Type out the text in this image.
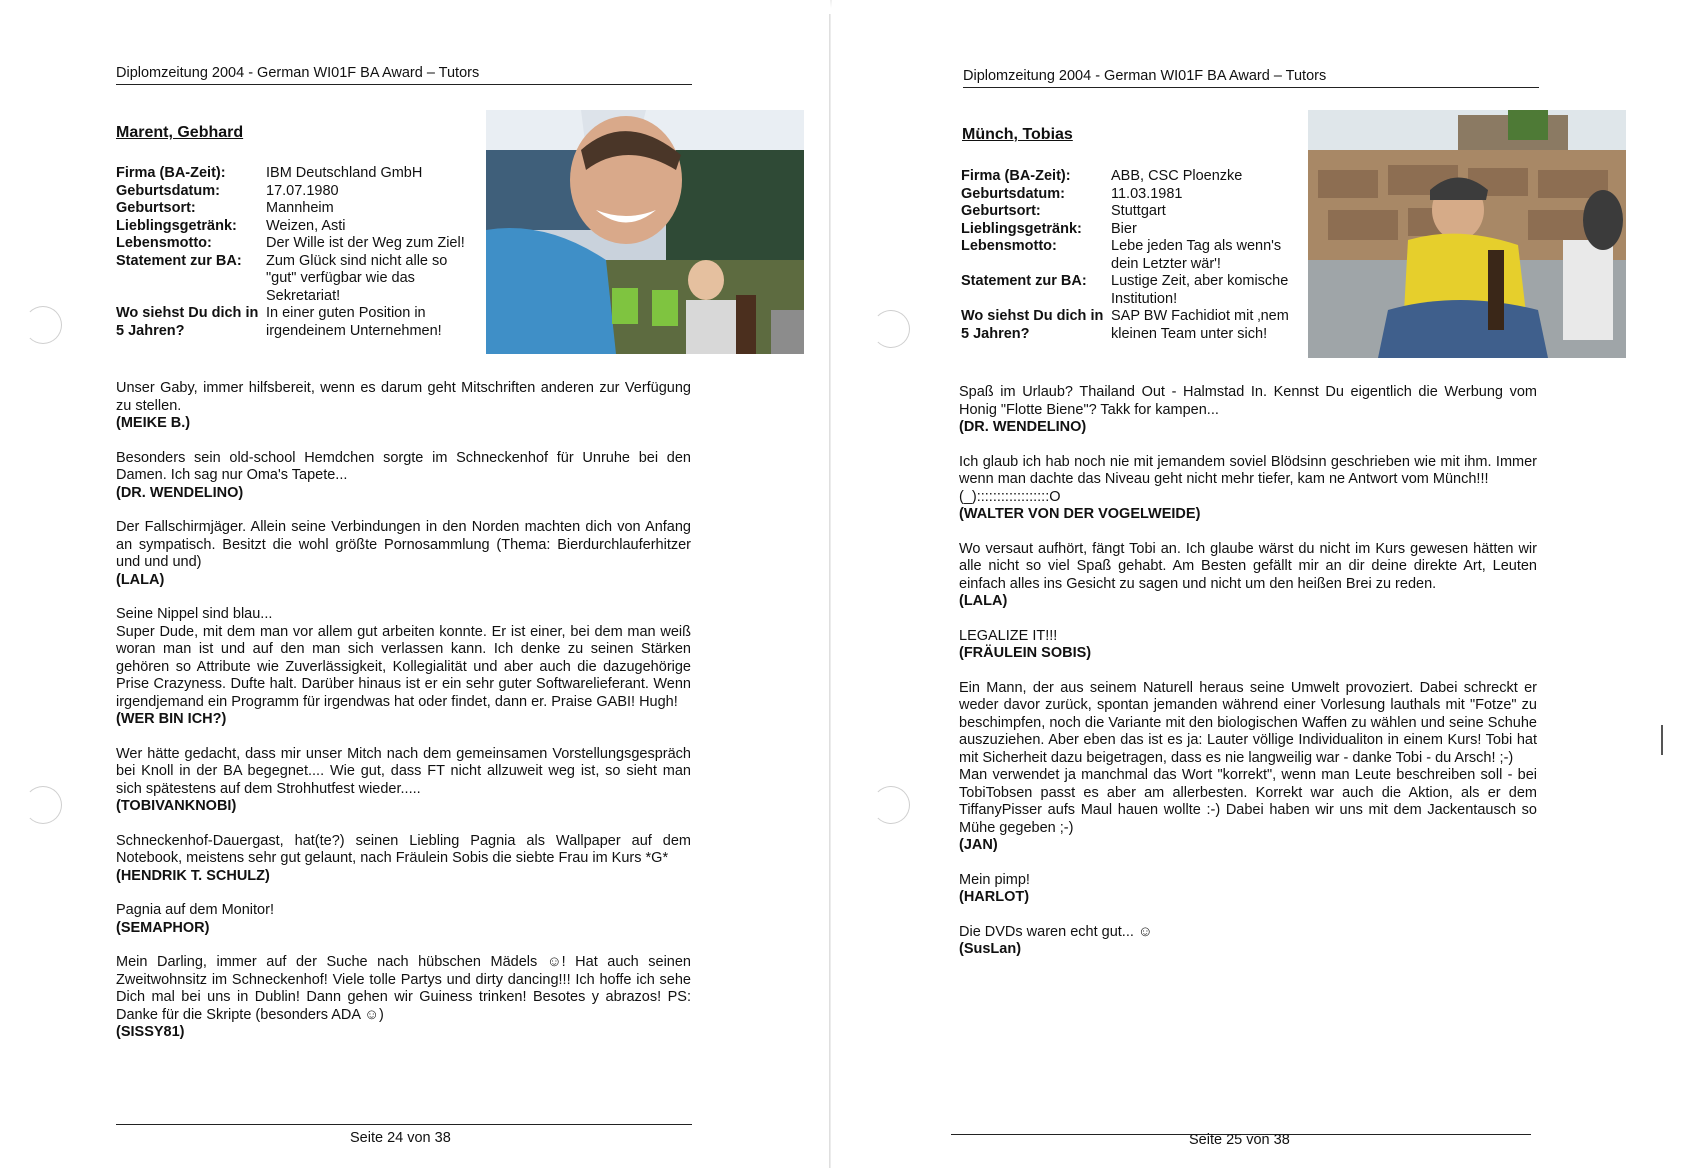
Diplomzeitung 2004 - German WI01F BA Award – Tutors
Marent, Gebhard
Firma (BA-Zeit):	IBM Deutschland GmbH
Geburtsdatum:	17.07.1980
Geburtsort:	Mannheim
Lieblingsgetränk:	Weizen, Asti
Lebensmotto:	Der Wille ist der Weg zum Ziel!
Statement zur BA:	Zum Glück sind nicht alle so "gut" verfügbar wie das Sekretariat!
Wo siehst Du dich in 5 Jahren?
In einer guten Position in irgendeinem Unternehmen!
Unser Gaby, immer hilfsbereit, wenn es darum geht Mitschriften anderen zur Verfügung zu stellen.
(MEIKE B.)
Besonders sein old-school Hemdchen sorgte im Schneckenhof für Unruhe bei den Damen. Ich sag nur Oma's Tapete...
(DR. WENDELINO)
Der Fallschirmjäger. Allein seine Verbindungen in den Norden machten dich von Anfang an sympatisch. Besitzt die wohl größte Pornosammlung (Thema: Bierdurchlauferhitzer und und und)
(LALA)
Seine Nippel sind blau...
Super Dude, mit dem man vor allem gut arbeiten konnte. Er ist einer, bei dem man weiß woran man ist und auf den man sich verlassen kann. Ich denke zu seinen Stärken gehören so Attribute wie Zuverlässigkeit, Kollegialität und aber auch die dazugehörige Prise Crazyness. Dufte halt. Darüber hinaus ist er ein sehr guter Softwarelieferant. Wenn irgendjemand ein Programm für irgendwas hat oder findet, dann er. Praise GABI! Hugh!
(WER BIN ICH?)
Wer hätte gedacht, dass mir unser Mitch nach dem gemeinsamen Vorstellungsgespräch bei Knoll in der BA begegnet.... Wie gut, dass FT nicht allzuweit weg ist, so sieht man sich spätestens auf dem Strohhutfest wieder.....
(TOBIVANKNOBI)
Schneckenhof-Dauergast, hat(te?) seinen Liebling Pagnia als Wallpaper auf dem Notebook, meistens sehr gut gelaunt, nach Fräulein Sobis die siebte Frau im Kurs *G*
(HENDRIK T. SCHULZ)
Pagnia auf dem Monitor!
(SEMAPHOR)
Mein Darling, immer auf der Suche nach hübschen Mädels ☺! Hat auch seinen Zweitwohnsitz im Schneckenhof! Viele tolle Partys und dirty dancing!!! Ich hoffe ich sehe Dich mal bei uns in Dublin! Dann gehen wir Guiness trinken! Besotes y abrazos! PS: Danke für die Skripte (besonders ADA ☺)
(SISSY81)
Seite 24 von 38
Diplomzeitung 2004 - German WI01F BA Award – Tutors
Münch, Tobias
Firma (BA-Zeit):	ABB, CSC Ploenzke
Geburtsdatum:	11.03.1981
Geburtsort:	Stuttgart
Lieblingsgetränk:	Bier
Lebensmotto:	Lebe jeden Tag als wenn's dein Letzter wär'!
Statement zur BA:	Lustige Zeit, aber komische Institution!
Wo siehst Du dich in 5 Jahren?
SAP BW Fachidiot mit ‚nem kleinen Team unter sich!
Spaß im Urlaub? Thailand Out - Halmstad In. Kennst Du eigentlich die Werbung vom Honig "Flotte Biene"? Takk for kampen...
(DR. WENDELINO)
Ich glaub ich hab noch nie mit jemandem soviel Blödsinn geschrieben wie mit ihm. Immer wenn man dachte das Niveau geht nicht mehr tiefer, kam ne Antwort vom Münch!!!
(_)::::::::::::::::::O
(WALTER VON DER VOGELWEIDE)
Wo versaut aufhört, fängt Tobi an. Ich glaube wärst du nicht im Kurs gewesen hätten wir alle nicht so viel Spaß gehabt. Am Besten gefällt mir an dir deine direkte Art, Leuten einfach alles ins Gesicht zu sagen und nicht um den heißen Brei zu reden.
(LALA)
LEGALIZE IT!!!
(FRÄULEIN SOBIS)
Ein Mann, der aus seinem Naturell heraus seine Umwelt provoziert. Dabei schreckt er weder davor zurück, spontan jemanden während einer Vorlesung lauthals mit "Fotze" zu beschimpfen, noch die Variante mit den biologischen Waffen zu wählen und seine Schuhe auszuziehen. Aber eben das ist es ja: Lauter völlige Individualiton in einem Kurs! Tobi hat mit Sicherheit dazu beigetragen, dass es nie langweilig war - danke Tobi - du Arsch! ;-)
Man verwendet ja manchmal das Wort "korrekt", wenn man Leute beschreiben soll - bei TobiTobsen passt es aber am allerbesten. Korrekt war auch die Aktion, als er dem TiffanyPisser aufs Maul hauen wollte :-) Dabei haben wir uns mit dem Jackentausch so Mühe gegeben ;-)
(JAN)
Mein pimp!
(HARLOT)
Die DVDs waren echt gut... ☺
(SusLan)
Seite 25 von 38
